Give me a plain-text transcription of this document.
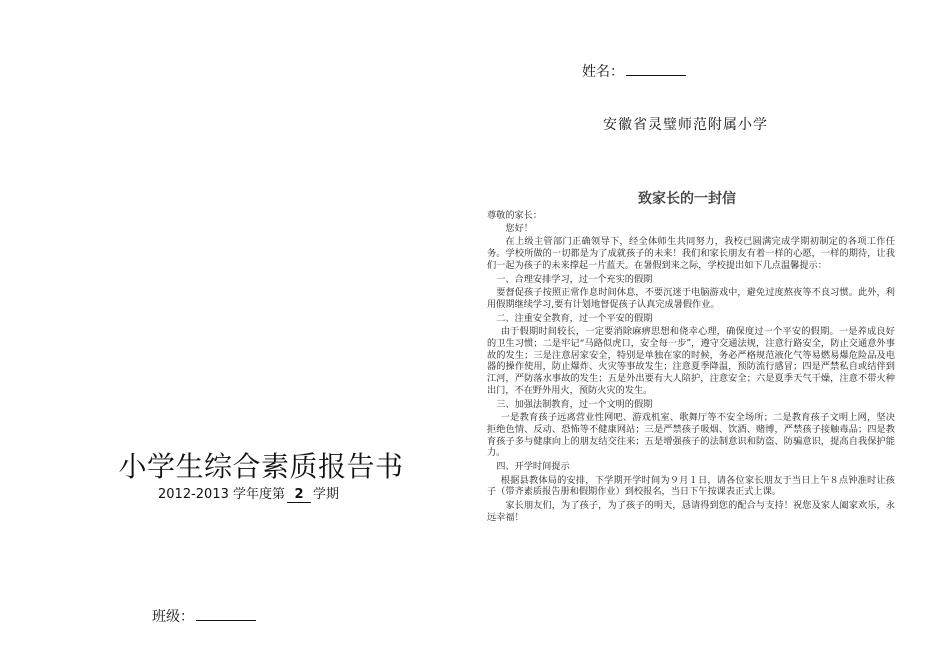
小学生综合素质报告书
2012-2013 学年度第 2 学期
班级：
姓名：
安徽省灵璧师范附属小学
致家长的一封信

尊敬的家长：

您好！

在上级主管部门正确领导下，经全体师生共同努力，我校已圆满完成学期初制定的各项工作任务。学校所做的一切都是为了成就孩子的未来！我们和家长朋友有着一样的心愿，一样的期待，让我们一起为孩子的未来撑起一片蓝天。在暑假到来之际，学校提出如下几点温馨提示：

一、合理安排学习，过一个充实的假期

要督促孩子按照正常作息时间休息，不要沉迷于电脑游戏中，避免过度熬夜等不良习惯。此外，利用假期继续学习,要有计划地督促孩子认真完成暑假作业。

二、注重安全教育，过一个平安的假期

由于假期时间较长，一定要消除麻痹思想和侥幸心理，确保度过一个平安的假期。一是养成良好的卫生习惯；二是牢记“马路似虎口，安全每一步”，遵守交通法规，注意行路安全，防止交通意外事故的发生；三是注意居家安全，特别是单独在家的时候，务必严格规范液化气等易燃易爆危险品及电器的操作使用，防止爆炸、火灾等事故发生；注意夏季降温，预防流行感冒；四是严禁私自或结伴到江河，严防落水事故的发生；五是外出要有大人陪护，注意安全；六是夏季天气干燥，注意不带火种出门，不在野外用火，预防火灾的发生。

三、加强法制教育，过一个文明的假期

一是教育孩子远离营业性网吧、游戏机室、歌舞厅等不安全场所；二是教育孩子文明上网，坚决拒绝色情、反动、恐怖等不健康网站；三是严禁孩子吸烟、饮酒、赌博，严禁孩子接触毒品；四是教育孩子多与健康向上的朋友结交往来；五是增强孩子的法制意识和防盗、防骗意识，提高自我保护能力。

四、开学时间提示

根据县教体局的安排，下学期开学时间为９月１日，请各位家长朋友于当日上午８点钟准时让孩子（带齐素质报告册和假期作业）到校报名，当日下午按课表正式上课。

家长朋友们，为了孩子，为了孩子的明天，恳请得到您的配合与支持！祝您及家人阖家欢乐，永远幸福！
